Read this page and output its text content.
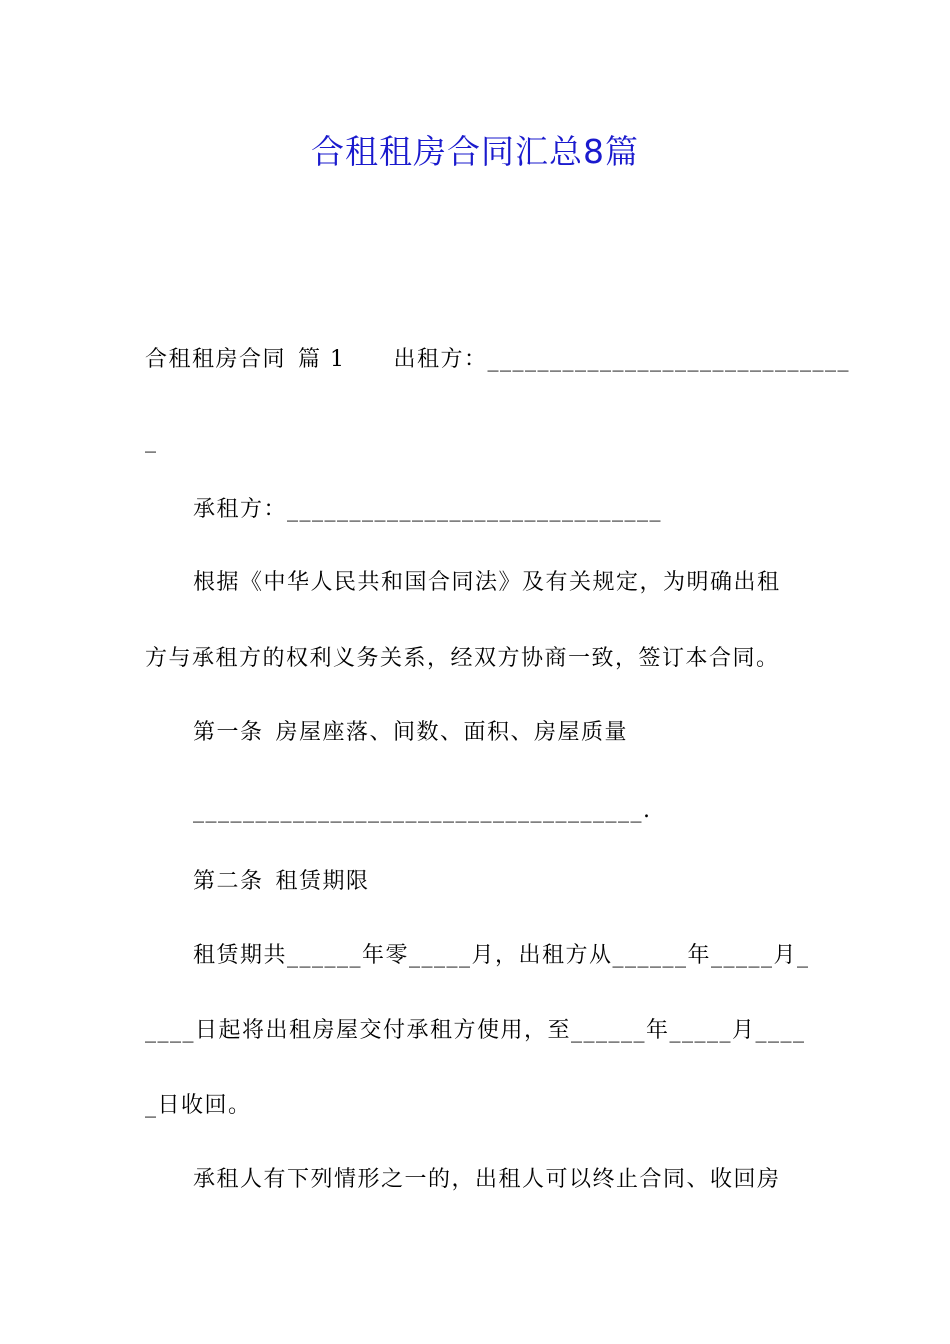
合租租房合同汇总8篇
合租租房合同 篇 1 出租方：_____________________________
_
承租方：______________________________
根据《中华人民共和国合同法》及有关规定，为明确出租
方与承租方的权利义务关系，经双方协商一致，签订本合同。
第一条 房屋座落、间数、面积、房屋质量
____________________________________.
第二条 租赁期限
租赁期共______年零_____月，出租方从______年_____月_
____日起将出租房屋交付承租方使用，至______年_____月____
_日收回。
承租人有下列情形之一的，出租人可以终止合同、收回房
